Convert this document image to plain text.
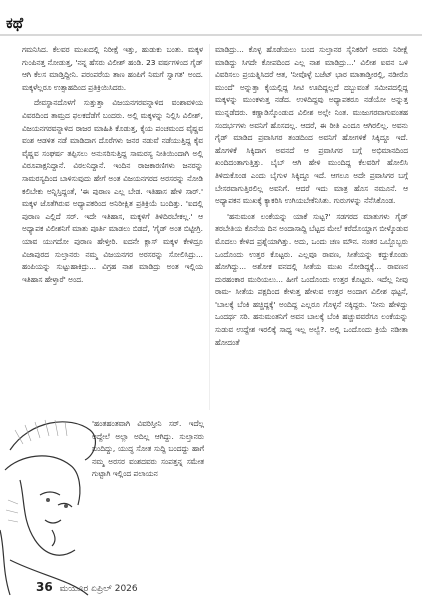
ಕಥೆ

ಗಮನಿಸಿದ. ಕೆಲವರ ಮುಖದಲ್ಲಿ ನಿರೀಕ್ಷೆ ಇತ್ತು, ಹುಡುಕು ಬಂತು. ಮಕ್ಕಳ ಗುಂಪಿನತ್ತ ನೋಡುತ್ತ, 'ನನ್ನ ಹೆಸರು ವಿಲೀಶ್ ಹಂಡಿ. 23 ವರ್ಷಗಳಿಂದ ಗೈಡ್ ಆಗಿ ಕೆಲಸ ಮಾಡ್ತಿದ್ದೀನಿ. ಪರಂಪರೆಯ ತಾಣ ಹಂಪಿಗೆ ನಿಮಗೆ ಸ್ವಾಗತ' ಅಂದ. ಮಕ್ಕಳೆಲ್ಲರೂ ಉತ್ಸಾಹದಿಂದ ಪ್ರತಿಕ್ರಿಯಿಸಿದರು.

ದೇವಸ್ಥಾನದೊಳಗೆ ಸುತ್ತುತ್ತಾ ವಿಜಯನಗರವನ್ನಾಳಿದ ವಂಶಾವಳಿಯ ವಿವರದಿಂದ ತಾಮ್ರದ ಫಲಕದೆಡೆಗೆ ಬಂದರು. ಅಲ್ಲಿ ಮಕ್ಕಳನ್ನು ನಿಲ್ಲಿಸಿ ವಿಲೀಶ್, ವಿಜಯನಗರವನ್ನಾಳಿದ ರಾಜರ ಮಾಹಿತಿ ಕೊಡುತ್ತ, ಕೈಯ ಪಂಚಮಂದ ವೈಷ್ಣವ ವಂಶ ಆಡಳಿತ ನಡೆ ಮಾಡಿದಾಗ ದೊರೆಗಳು ಜನರ ನಡುವೆ ನಡೆಯುತ್ತಿದ್ದ ಕೈವ ವೈಷ್ಣವ ಸಂಘರ್ಷ ತಪ್ಪಿಸಲು ಅನುಸರಿಸುತ್ತಿದ್ದ ಸಾಮರಸ್ಯ ನೀತಿಯಿಂದಾಗಿ ಅಲ್ಲಿ ವಿರೂಪಾಕ್ಷನಿದ್ದಾನೆ. ವಿಠಲನಿದ್ದಾನೆ. ಇಂದಿನ ರಾಜಕಾರಣಿಗಳು ಜನರನ್ನು ಸಾಮರಸ್ಯದಿಂದ ಬಾಳಿಸುವುದು ಹೇಗೆ ಅಂತ ವಿಜಯನಗರದ ಅರಸರನ್ನು ನೋಡಿ ಕಲಿಬೇಕು ಅನ್ನಿಸ್ತಿದ್ದಂತೆ, 'ಈ ಪುರಾಣ ಎಲ್ಲ ಬೇಡ. ಇತಿಹಾಸ ಹೇಳಿ ಸಾರ್.' ಮಕ್ಕಳ ಜೊತೆಗಿರುವ ಅಧ್ಯಾಪಕರಿಂದ ಅನಿರೀಕ್ಷಿತ ಪ್ರತಿಕ್ರಿಯೆ ಬಂದಿತ್ತು. 'ಐದಲ್ಲಿ ಪುರಾಣ ಎಲ್ಲಿದೆ ಸರ್. ಇದೇ ಇತಿಹಾಸ, ಮಕ್ಕಳಿಗೆ ತಿಳಿದಿರಬೇಕಲ್ಲ.' ಆ ಅಧ್ಯಾಪಕ ವಿಲೀಶನಿಗೆ ಮಾತು ಪೂರ್ತಿ ಮಾಡಲು ಬಿಡದೆ, 'ಗೈಡ್ ಅಂತ ಬಿಟ್ಟೀಗ್ರಿ. ಯಾವ ಯುಗದೋ ಪುರಾಣ ಹೇಳ್ತೀರಿ. ಐದನೇ ಕ್ಲಾಸ್ ಮಕ್ಕಳ ಕೇಳಿದ್ರೂ ವಿಜಾಪುರದ ಸುಲ್ತಾನರು ನಮ್ಮ ವಿಜಯನಗರ ಅರಸರನ್ನು ಸೋಲಿಸಿದ್ರು... ಹಂಪಿಯನ್ನು ಸುಟ್ಟುಹಾಕಿದ್ರು... ವಿಗ್ರಹ ನಾಶ ಮಾಡಿದ್ರು ಅಂತ ಇಲ್ಲಿಯ ಇತಿಹಾಸ ಹೇಳ್ತಾರೆ' ಅಂದ.

'ಹಂತಹಂತವಾಗಿ ವಿವರಿಸ್ತೀನಿ ಸರ್. ಇದೆಲ್ಲ ಅದ್ದೇಲೆ ಅಲ್ಲಾ ಅದಿಲ್ಲ ಆಗಿದ್ದು. ಸುಲ್ತಾನರು ಬಂದಿದ್ದು, ಯುದ್ಧ ಸೋತ ಸುದ್ದಿ ಬಂದದ್ದು ಹಾಗೆ ನಮ್ಮ ಅರಸರ ವಂಶದವರು ಸಂಪತ್ತನ್ನ ಸಮೇತ ಗುಟ್ಟಾಗಿ ಇಲ್ಲಿಂದ ಪಲಾಯನ

ಮಾಡಿದ್ರು... ಕೊಳ್ಳ ಹೊಡೆಯಲು ಬಂದ ಸುಲ್ತಾನರ ಸೈನಿಕರಿಗೆ ಅವರು ನಿರೀಕ್ಷೆ ಮಾಡಿದ್ದು ಸಿಗದೇ ಕೋಪದಿಂದ ಎಲ್ಲ ನಾಶ ಮಾಡಿದ್ರು...' ವಿಲೀಶ ಐವನ ಒಳಿ ವಿವರಿಸಲು ಪ್ರಯತ್ನಿಸಿದರೆ ಆತ, 'ನೀವೊಳ್ಳೆ ಬಜೆಟ್ ಭಾರ ಮಾತಾಡ್ತೀರಲ್ಲಿ, ನಡೀರೊ ಮುಂದೆ' ಅನ್ನುತ್ತಾ ಕೈಯಲ್ಲಿದ್ದ ಸೀಟಿ ಊದಿದ್ದಲ್ಲದೆ ದಬ್ಬುವಂತೆ ಸಮೀಪದಲ್ಲಿದ್ದ ಮಕ್ಕಳನ್ನು ಮುಂಕಳುತ್ತ ನಡೆದ. ಉಳಿದಿದ್ದವು ಅಧ್ಯಾಪಕರೂ ನಡೆಯೋ ಅನ್ನುತ್ತ ಮುನ್ನಡೆದರು. ಕಣ್ಣಾಡಿಸ್ಕೊಂಡುದ ವಿಲೀಶ ಅಲ್ಲೇ ನಿಂತ. ಮುಜುಗರವಾಗುವಂತಹ ಸಂದರ್ಭಗಳು ಅವನಿಗೆ ಹೊಸದಲ್ಲ. ಆದರೆ, ಈ ರೀತಿ ಎಂದೂ ಆಗಿರಲಿಲ್ಲ. ಅವನು ಗೈಡ್ ಮಾಡಿದ ಪ್ರವಾಸಿಗರ ತಂಡದಿಂದ ಅವನಿಗೆ ಹೋಗಳಿಕೆ ಸಿಕ್ಕಿದ್ದೂ ಇದೆ. ಹೊಗಳಿಕೆ ಸಿಕ್ಕಿದಾಗ ಅವನದೆ ಆ ಪ್ರವಾಸಿಗರ ಬಗ್ಗೆ ಅಭಿಮಾನದಿಂದ ಖಂದಿದಂತಾಗುತ್ತಿತ್ತು. ಬೈಬ್ ಆಗಿ ಹೇಳಿ ಮುಂದಿದ್ದ ಕೆಲವರಿಗೆ ಹೋಲಿಸಿ ತಿಳಿದುಕೊಂಡ ಎಂದು ಬೈಗುಳ ಸಿಕ್ಕಿದ್ದೂ ಇದೆ. ಆಗಲೂ ಅದೇ ಪ್ರವಾಸಿಗರ ಬಗ್ಗೆ ಬೇಸರವಾಗುತ್ತಿರಲಿಲ್ಲ ಅವನಿಗೆ. ಆದರೆ ಇದು ಮಾತ್ರ ಹೊಸ ನಮೂನೆ. ಆ ಅಧ್ಯಾಪಕನ ಮುಖಕ್ಕೆ ಕ್ಯಾಕರಿಸಿ ಉಗಿಯಬೇಕೆನಿಸಿತು. ಗುರುಗಳನ್ನು ನೆನೆಸಿಕೊಂಡ.

'ಹನುಮಂತ ಲಂಕೆಯನ್ನು ಯಾಕೆ ಸುಟ್ಟ?' ಸಡಗರದ ಮಾತುಗಳು ಗೈಡ್ ತರಬೇತಿಯ ಕೊನೆಯ ದಿನ ಅಂದಾಸಾದ್ದಿ ಬೆಟ್ಟದ ಮೇಲೆ ಕರೆದೊಯ್ದಾಗ ಬೀಳ್ಕೊಡುವ ಮೊದಲು ಕೇಳಿದ ಪ್ರಶ್ನೆಯಾಗಿತ್ತು. ಅದು, ಒಂದು ಚಣ ಮೌನ. ನಂತರ ಒಬ್ಬೊಬ್ಬರು ಒಂದೊಂದು ಉತ್ತರ ಕೊಟ್ಟರು. ಎಲ್ಲವೂ ರಾವಣ, ಸೀತೆಯನ್ನು ಕದ್ದುಕೊಂಡು ಹೋಗಿದ್ದು... ಅಶೋಕ ವನದಲ್ಲಿ ಸೀತೆಯ ಮುಖ ನೋಡಿದ್ದಕ್ಕೆ... ರಾವಣನ ದುರಹಂಕಾರ ಮುರಿಯಲು... ಹೀಗೆ ಒಂದೊಂದು ಉತ್ತರ ಕೊಟ್ಟರು. ಇದೆಲ್ಲ ನೀವು ರಾಮ- ಸೀತೆಯ ಪಕ್ಷದಿಂದ ಕೇಳುತ್ತ ಹೇಳುವ ಉತ್ತರ ಅಂದಾಗ ವಿಲೀಶ ಥಟ್ಟನೆ, 'ಬಾಲಕ್ಕೆ ಬೆಂಕಿ ಹಚ್ಚಿದ್ದಕ್ಕೆ' ಅಂದಿದ್ದ ಎಲ್ಲರೂ ಗೊಳ್ಳನೆ ನಕ್ಕಿದ್ದರು. 'ನೀನು ಹೇಳಿದ್ದು ಒಂದರ್ಥ ಸರಿ. ಹನುಮಂತನಿಗೆ ಅವನ ಬಾಲಕ್ಕೆ ಬೆಂಕಿ ಹಚ್ಚುವವರೆಗೂ ಲಂಕೆಯನ್ನು ಸುಡುವ ಉದ್ದೇಶ ಇರಲಿಕ್ಕೆ ಸಾಧ್ಯ ಇಲ್ಲ ಅಲ್ವೆ?. ಅಲ್ಲಿ ಒಂದೊಂದು ಕ್ರಿಯೆ ನಡೀತಾ ಹೋದಂತೆ

36 ಮಯೂರ ಏಪ್ರಿಲ್ 2026
